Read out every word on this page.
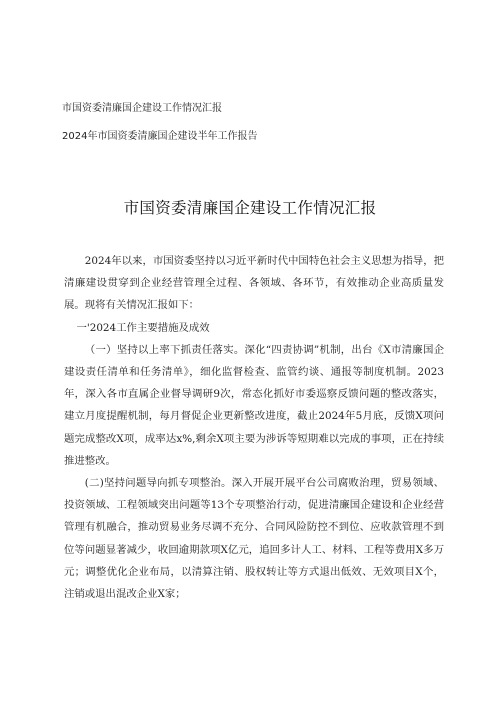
市国资委清廉国企建设工作情况汇报
2024年市国资委清廉国企建设半年工作报告
市国资委清廉国企建设工作情况汇报

2024年以来，市国资委坚持以习近平新时代中国特色社会主义思想为指导，把清廉建设贯穿到企业经营管理全过程、各领域、各环节，有效推动企业高质量发展。现将有关情况汇报如下：

一'2024工作主要措施及成效

（一）坚持以上率下抓责任落实。深化“四责协调”机制，出台《X市清廉国企建设责任清单和任务清单》，细化监督检查、监管约谈、通报等制度机制。2023年，深入各市直属企业督导调研9次，常态化抓好市委巡察反馈问题的整改落实，建立月度提醒机制，每月督促企业更新整改进度，截止2024年5月底，反馈X项问题完成整改X项，成率达x%,剩余X项主要为涉诉等短期难以完成的事项，正在持续推进整改。

(二)坚持问题导向抓专项整治。深入开展开展平台公司腐败治理，贸易领域、投资领域、工程领域突出问题等13个专项整治行动，促进清廉国企建设和企业经营管理有机融合，推动贸易业务尽调不充分、合同风险防控不到位、应收款管理不到位等问题显著减少，收回逾期款项X亿元，追回多计人工、材料、工程等费用X多万元；调整优化企业布局，以清算注销、股权转让等方式退出低效、无效项目X个，注销或退出混改企业X家；
